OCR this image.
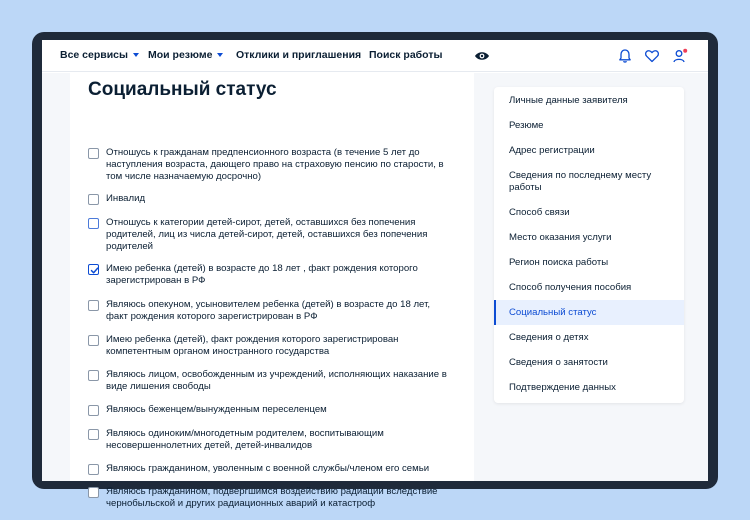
Все сервисы	Мои резюме	Отклики и приглашения Поиск работы
Социальный статус
Отношусь к гражданам предпенсионного возраста (в течение 5 лет до наступления возраста, дающего право на страховую пенсию по старости, в том числе назначаемую досрочно)
Инвалид
Отношусь к категории детей-сирот, детей, оставшихся без попечения родителей, лиц из числа детей-сирот, детей, оставшихся без попечения родителей
Имею ребенка (детей) в возрасте до 18 лет , факт рождения которого зарегистрирован в РФ
Являюсь опекуном, усыновителем ребенка (детей) в возрасте до 18 лет, факт рождения которого зарегистрирован в РФ
Имею ребенка (детей), факт рождения которого зарегистрирован компетентным органом иностранного государства
Являюсь лицом, освобожденным из учреждений, исполняющих наказание в виде лишения свободы
Являюсь беженцем/вынужденным переселенцем
Являюсь одиноким/многодетным родителем, воспитывающим несовершеннолетних детей, детей-инвалидов
Являюсь гражданином, уволенным с военной службы/членом его семьи
Являюсь гражданином, подвергшимся воздействию радиации вследствие чернобыльской и других радиационных аварий и катастроф
Личные данные заявителя
Резюме
Адрес регистрации
Сведения по последнему месту работы
Способ связи
Место оказания услуги
Регион поиска работы
Способ получения пособия
Социальный статус
Сведения о детях
Сведения о занятости
Подтверждение данных
